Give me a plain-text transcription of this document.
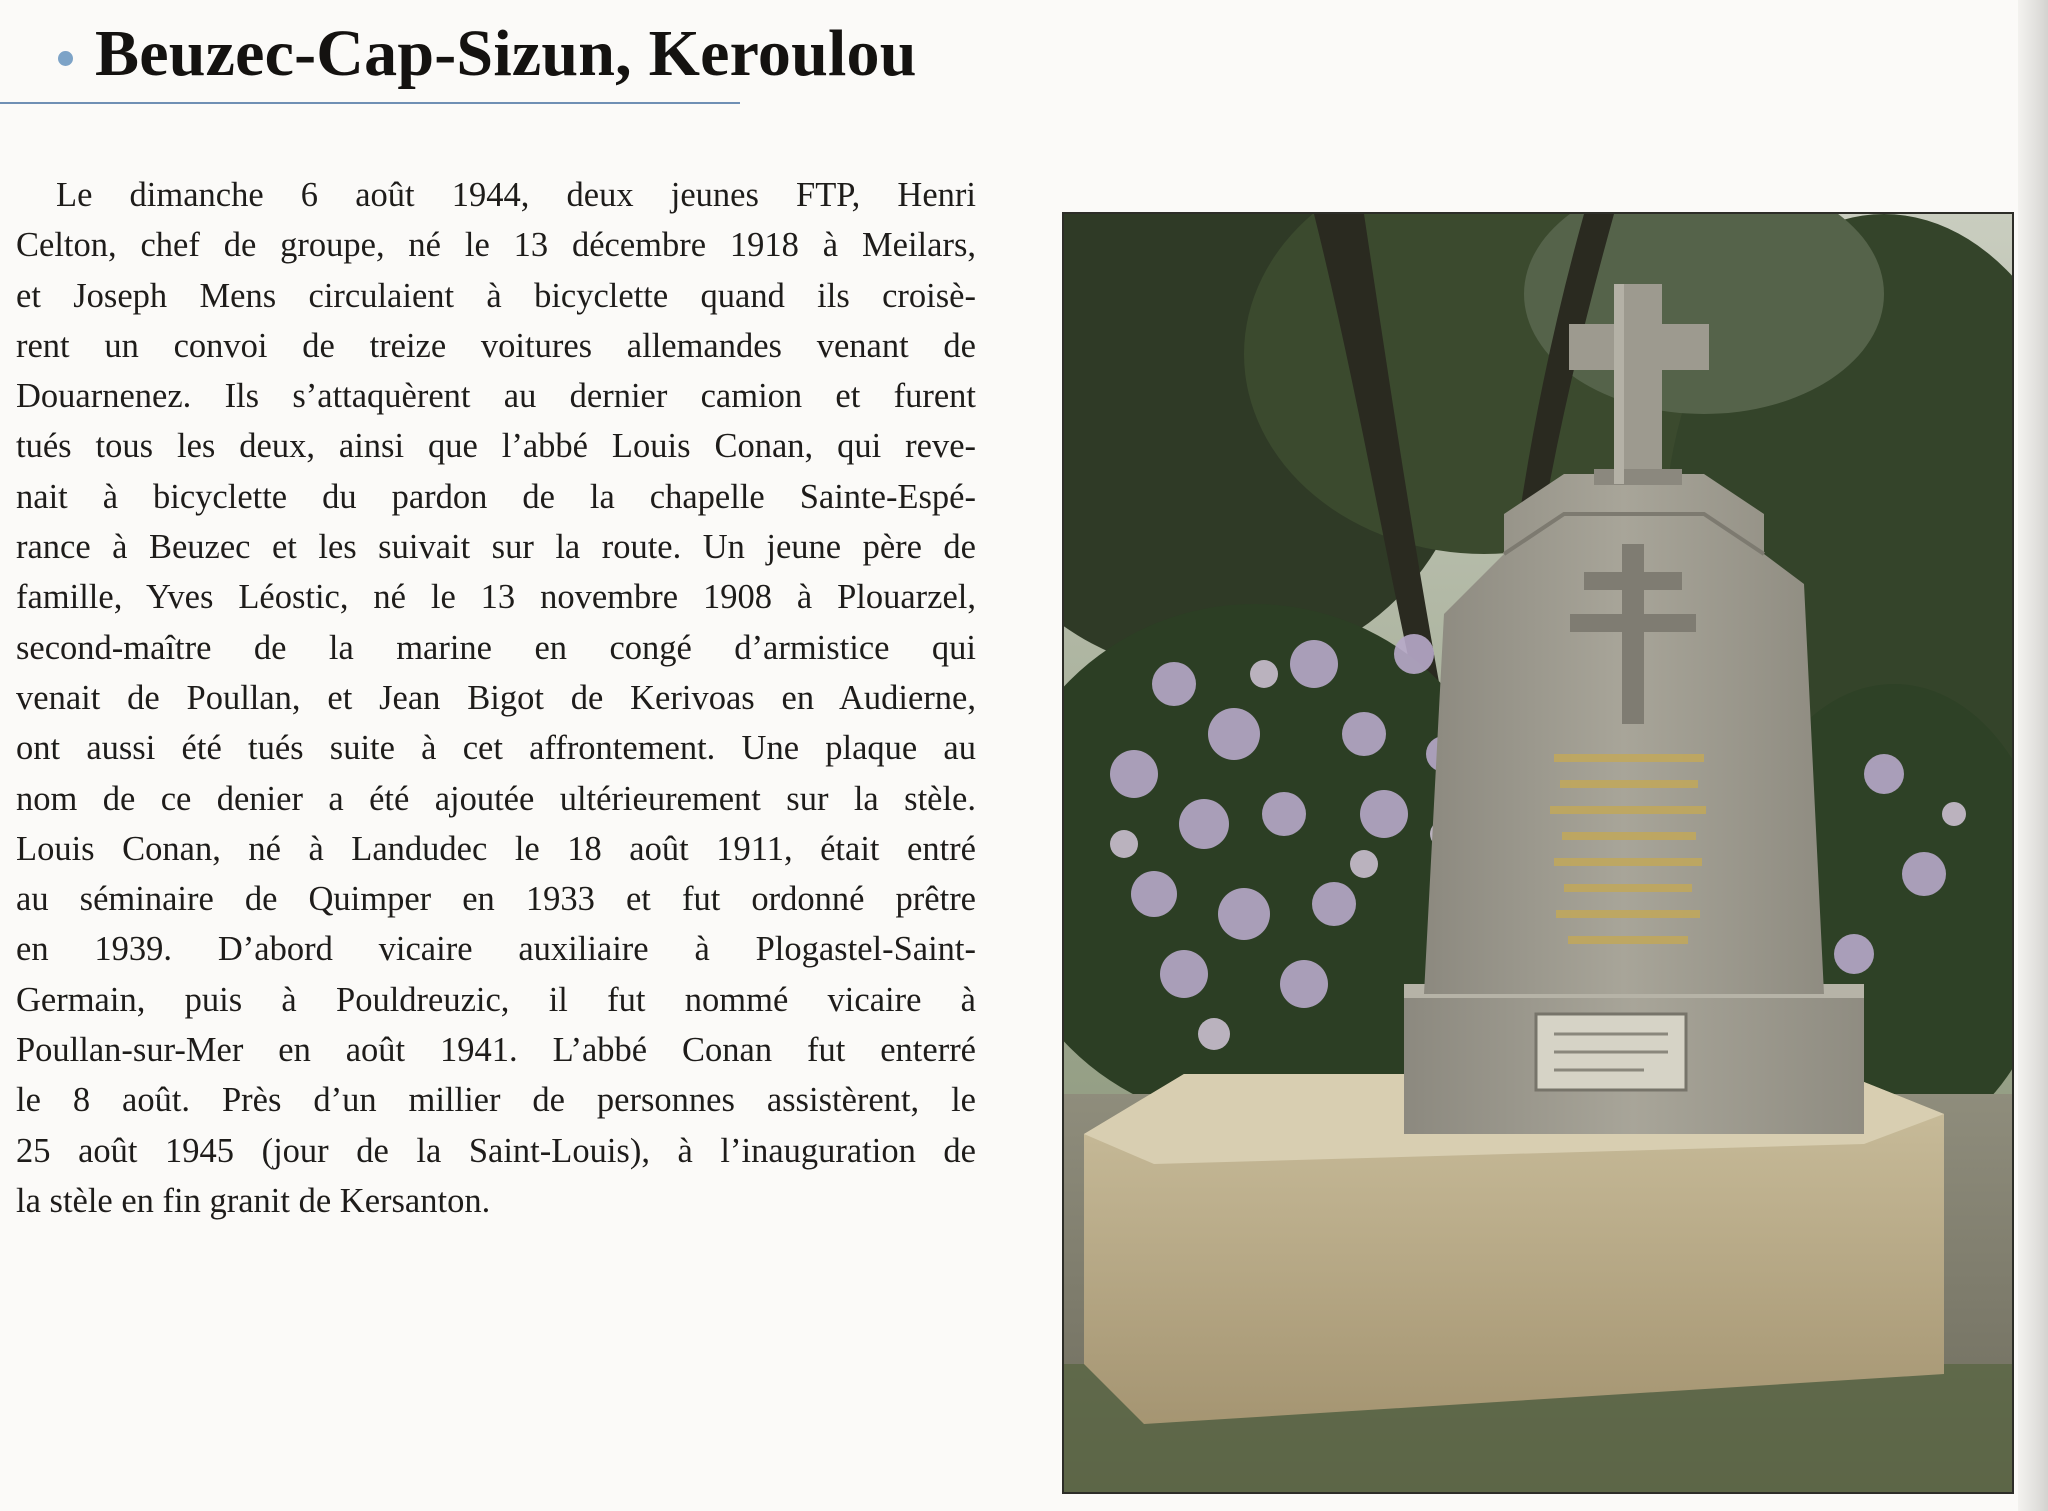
Beuzec-Cap-Sizun, Keroulou
Le dimanche 6 août 1944, deux jeunes FTP, Henri
Celton, chef de groupe, né le 13 décembre 1918 à Meilars,
et Joseph Mens circulaient à bicyclette quand ils croisè-
rent un convoi de treize voitures allemandes venant de
Douarnenez. Ils s’attaquèrent au dernier camion et furent
tués tous les deux, ainsi que l’abbé Louis Conan, qui reve-
nait à bicyclette du pardon de la chapelle Sainte-Espé-
rance à Beuzec et les suivait sur la route. Un jeune père de
famille, Yves Léostic, né le 13 novembre 1908 à Plouarzel,
second-maître de la marine en congé d’armistice qui
venait de Poullan, et Jean Bigot de Kerivoas en Audierne,
ont aussi été tués suite à cet affrontement. Une plaque au
nom de ce denier a été ajoutée ultérieurement sur la stèle.
Louis Conan, né à Landudec le 18 août 1911, était entré
au séminaire de Quimper en 1933 et fut ordonné prêtre
en 1939. D’abord vicaire auxiliaire à Plogastel-Saint-
Germain, puis à Pouldreuzic, il fut nommé vicaire à
Poullan-sur-Mer en août 1941. L’abbé Conan fut enterré
le 8 août. Près d’un millier de personnes assistèrent, le
25 août 1945 (jour de la Saint-Louis), à l’inauguration de
la stèle en fin granit de Kersanton.
